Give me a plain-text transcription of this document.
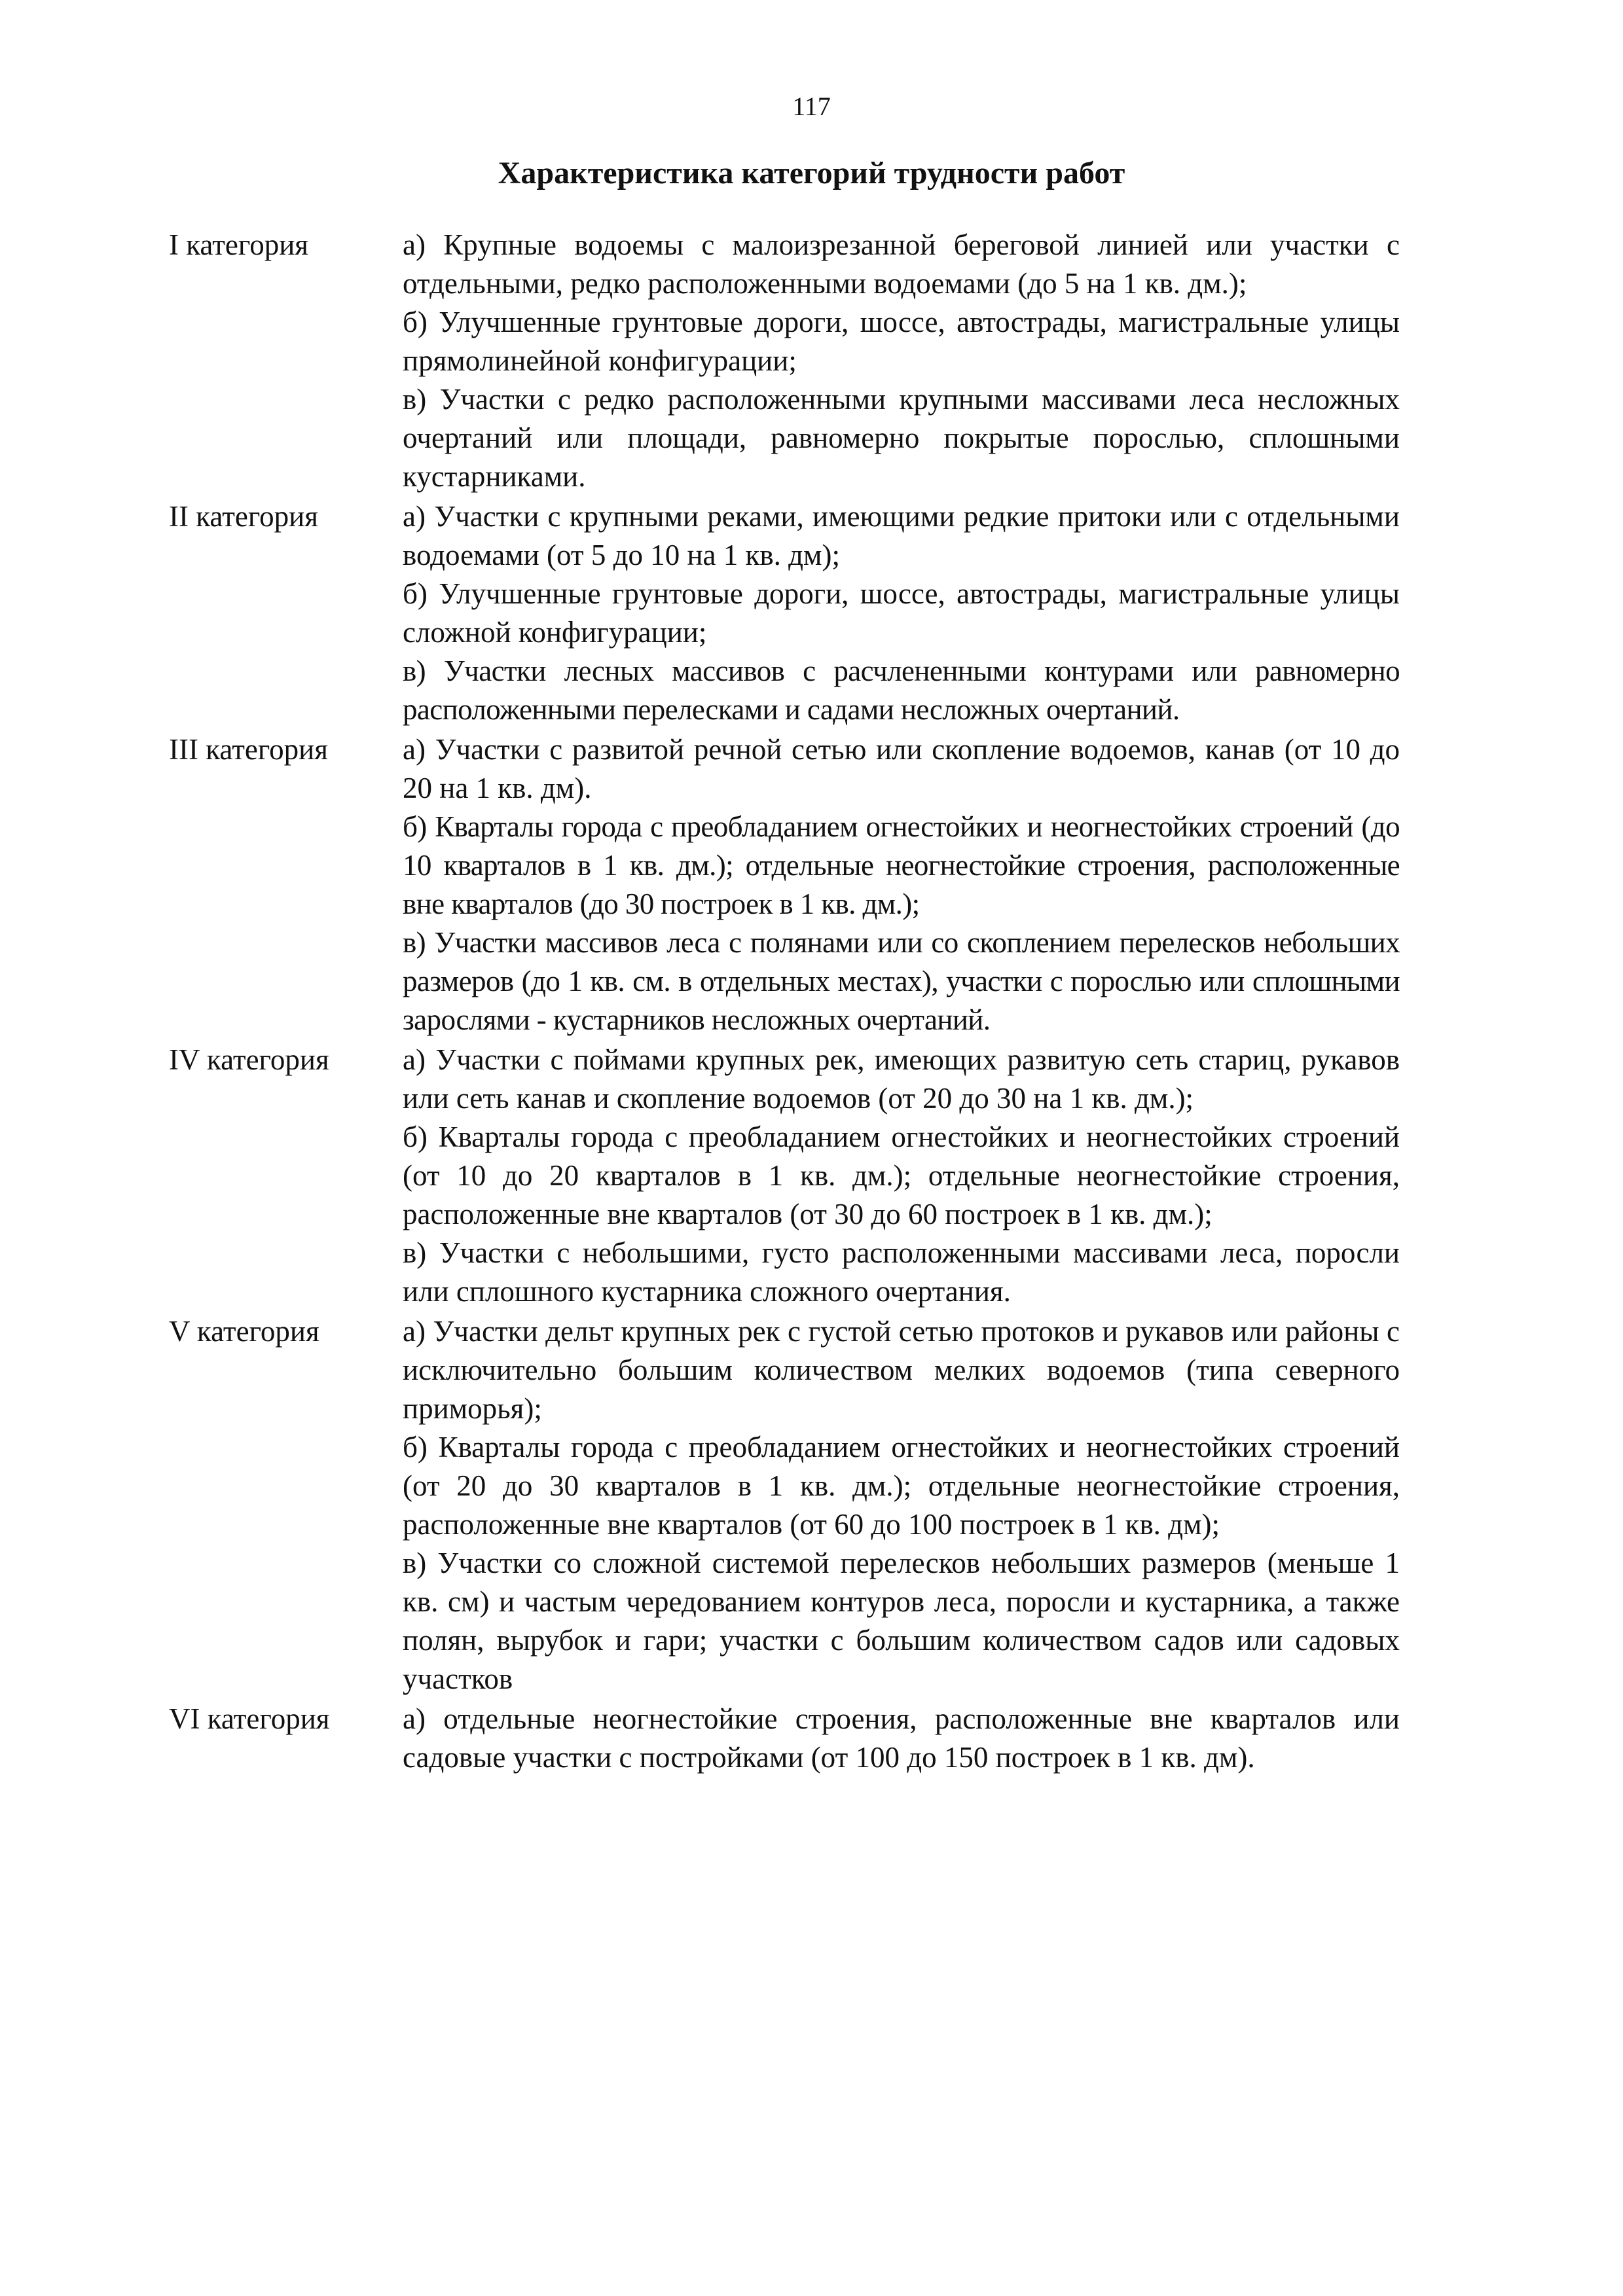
117
Характеристика категорий трудности работ
I категория	а) Крупные водоемы с малоизрезанной береговой линией или участки с отдельными, редко расположенными водоемами (до 5 на 1 кв. дм.);

б) Улучшенные грунтовые дороги, шоссе, автострады, магистральные улицы прямолинейной конфигурации;

в) Участки с редко расположенными крупными массивами леса несложных очертаний или площади, равномерно покрытые порослью, сплошными кустарниками.

II категория	а) Участки с крупными реками, имеющими редкие притоки или с отдельными водоемами (от 5 до 10 на 1 кв. дм);

б) Улучшенные грунтовые дороги, шоссе, автострады, магистральные улицы сложной конфигурации;

в) Участки лесных массивов с расчлененными контурами или равномерно расположенными перелесками и садами несложных очертаний.

III категория	а) Участки с развитой речной сетью или скопление водоемов, канав (от 10 до 20 на 1 кв. дм).

б) Кварталы города с преобладанием огнестойких и неогнестойких строений (до 10 кварталов в 1 кв. дм.); отдельные неогнестойкие строения, расположенные вне кварталов (до 30 построек в 1 кв. дм.);

в) Участки массивов леса с полянами или со скоплением перелесков небольших размеров (до 1 кв. см. в отдельных местах), участки с порослью или сплошными зарослями - кустарников несложных очертаний.

IV категория	а) Участки с поймами крупных рек, имеющих развитую сеть стариц, рукавов или сеть канав и скопление водоемов (от 20 до 30 на 1 кв. дм.);

б) Кварталы города с преобладанием огнестойких и неогнестойких строений (от 10 до 20 кварталов в 1 кв. дм.); отдельные неогнестойкие строения, расположенные вне кварталов (от 30 до 60 построек в 1 кв. дм.);

в) Участки с небольшими, густо расположенными массивами леса, поросли или сплошного кустарника сложного очертания.

V категория	а) Участки дельт крупных рек с густой сетью протоков и рукавов или районы с исключительно большим количеством мелких водоемов (типа северного приморья);

б) Кварталы города с преобладанием огнестойких и неогнестойких строений (от 20 до 30 кварталов в 1 кв. дм.); отдельные неогнестойкие строения, расположенные вне кварталов (от 60 до 100 построек в 1 кв. дм);

в) Участки со сложной системой перелесков небольших размеров (меньше 1 кв. см) и частым чередованием контуров леса, поросли и кустарника, а также полян, вырубок и гари; участки с большим количеством садов или садовых участков

VI категория	а) отдельные неогнестойкие строения, расположенные вне кварталов или садовые участки с постройками (от 100 до 150 построек в 1 кв. дм).
